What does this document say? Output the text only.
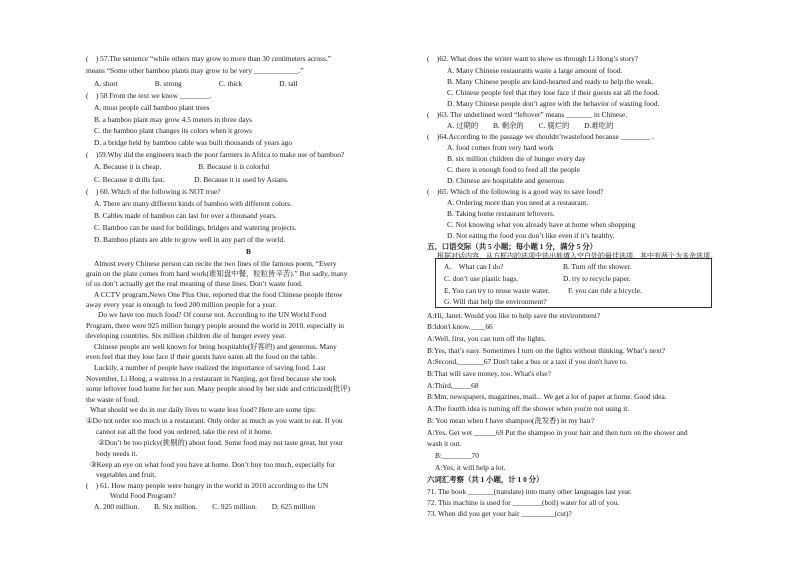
(　) 57.The sentence “while others may grow to more than 30 centimeters across.”
means “Some other bamboo plants may grow to be very ____________.”
A. short　　　　　B. strong　　　　　C. thick　　　　　D. tall
(　) 58 From the text we know ________.
A. most people call bamboo plant trees
B. a bamboo plant may grow 4.5 meters in three days
C. the bamboo plant changes its colors when it grows
D. a bridge held by bamboo cable was built thousands of years ago
(　)59.Why did the engineers teach the poor farmers in Africa to make use of bamboo?
A. Because it is cheap.　　　　　B. Because it is colorful
C. Because it drills fast.　　　　D. Because it is used by Asians.
(　) 60. Which of the following is NOT true?
A. There are many different kinds of bamboo with different colors.
B. Cables made of bamboo can last for over a thousand years.
C. Bamboo can be used for buildings, bridges and watering projects.
D. Bamboo plants are able to grow well in any part of the world.
B
Almost every Chinese person can recite the two lines of the famous poem, “Every
grain on the plate comes from hard work(谁知盘中餐，粒粒皆辛苦).” But sadly, many
of us don’t actually get the real meaning of these lines. Don’t waste food.
A CCTV program,News One Plus One, reported that the food Chinese people throw
away every year is enough to feed 200 million people for a year.
Do we have too much food? Of course not. According to the UN World Food
Program, there were 925 million hungry people around the world in 2010, especially in
developing countries. Six million children die of hunger every year.
Chinese people are well known for being hospitable(好客的) and generous. Many
even feel that they lose face if their guests have eaten all the food on the table.
Luckily, a number of people have realized the importance of saving food. Last
November, Li Hong, a waitress in a restaurant in Nanjing, got fired because she took
some leftover food home for her son. Many people stood by her side and criticized(批评)
the waste of food.
What should we do in our daily lives to waste less food? Here are some tips:
①Do not order too much in a restaurant. Only order as much as you want to eat. If you
cannot eat all the food you ordered, take the rest of it home.
②Don’t be too picky(挑剔的) about food. Some food may not taste great, but your
body needs it.
③Keep an eye on what food you have at home. Don’t buy too much, especially for
vegetables and fruit.
(　) 61. How many people were hungry in the world in 2010 according to the UN
World Food Program?
A. 200 million.　　B. Six million.　　C. 925 million.　　D. 625 million
(　)62. What does the writer want to show us through Li Hong’s story?
A. Many Chinese restaurants waste a large amount of food.
B. Many Chinese people are kind-hearted and ready to help the weak.
C. Chinese people feel that they lose face if their guests eat all the food.
D. Many Chinese people don’t agree with the behavior of wasting food.
(　)63. The underlined word “leftover” means _______ in Chinese.
A. 过期的　　B. 剩余的　　C. 腐烂的　　D.难吃的
(　)64.According to the passage we shouldn’twastefood because ________ .
A. food comes from very hard work
B. six million children die of hunger every day
C. there is enough food to feed all the people
D. Chinese are hospitable and generous
(　)65. Which of the following is a good way to save food?
A. Ordering more than you need at a restaurant.
B. Taking home restaurant leftovers.
C. Not knowing what you already have at home when shopping
D. Not eating the food you don’t like even if it’s healthy.
五、口语交际（共 5 小题；每小题 1 分，满分 5 分）
根据对话内容，从方框内的选项中选出能填入空白处的最佳选项，其中有两个为多余选项。
A.　What can I do?	B. Turn off the shower.
C. don’t use plastic bags.	D. try to recycle paper.
E. You can try to reuse waste water.	F. you can ride a bicycle.
G. Will that help the environment?
A:Hi, Janet. Would you like to help save the environment?
B:Idon't know.____66
A:Well, first, you can turn off the lights.
B:Yes, that’s easy. Sometimes I turn on the lights without thinking. What’s next?
A:Second,_______67 Don't take a bus or a taxi if you don't have to.
B:That will save money, too. What's else?
A:Third,_____68
B:Mm, newspapers, magazines, mail... We get a lot of paper at home. Good idea.
A:The fourth idea is turning off the shower when you're not using it.
B: You mean when I have shampoo(洗发香) in my hair?
A:Yes. Get wet ______69 Put the shampoo in your hair and then turn on the shower and
wash it out.
B:________70
A:Yes, it will help a lot.
六词汇考察（共 1 小题，计 1 0 分）
71. The book _______(translate) into many other languages last year.
72. This machine is used for ________(boil) water for all of you.
73. When did you get your hair _________(cut)?
